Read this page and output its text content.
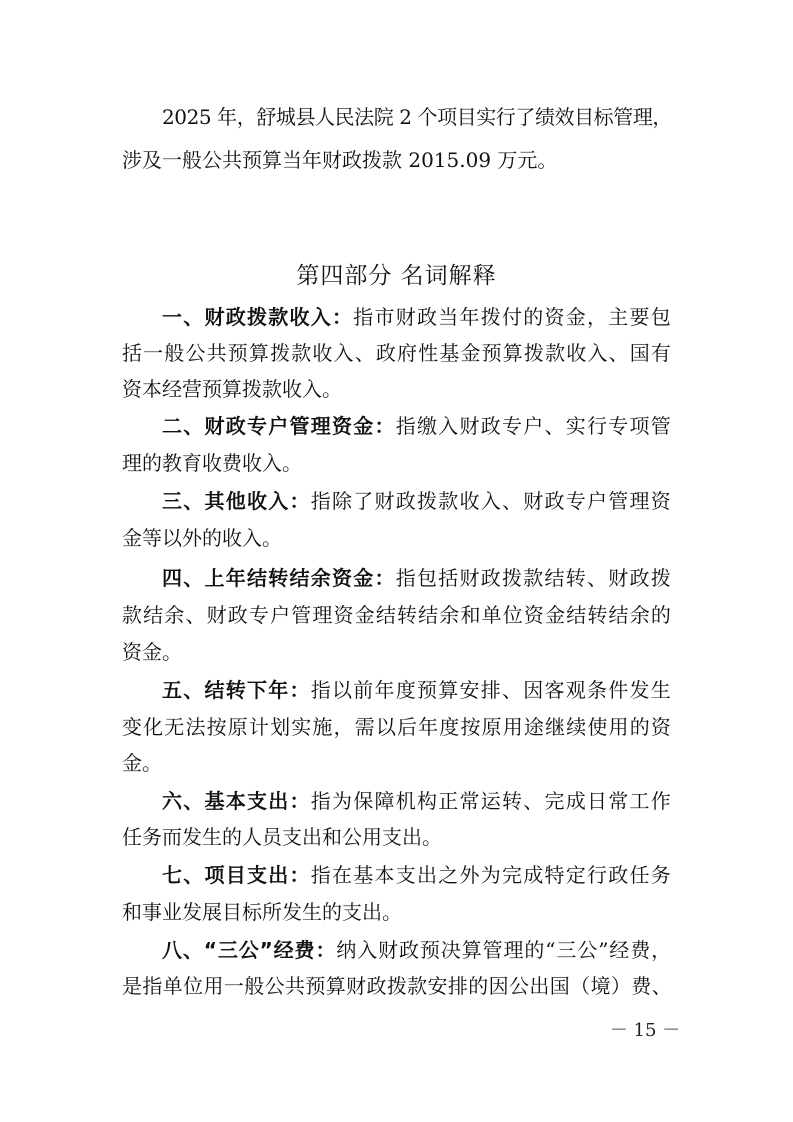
2025 年，舒城县人民法院 2 个项目实行了绩效目标管理，
涉及一般公共预算当年财政拨款 2015.09 万元。
第四部分 名词解释
一、财政拨款收入：指市财政当年拨付的资金，主要包
括一般公共预算拨款收入、政府性基金预算拨款收入、国有
资本经营预算拨款收入。
二、财政专户管理资金：指缴入财政专户、实行专项管
理的教育收费收入。
三、其他收入：指除了财政拨款收入、财政专户管理资
金等以外的收入。
四、上年结转结余资金：指包括财政拨款结转、财政拨
款结余、财政专户管理资金结转结余和单位资金结转结余的
资金。
五、结转下年：指以前年度预算安排、因客观条件发生
变化无法按原计划实施，需以后年度按原用途继续使用的资
金。
六、基本支出：指为保障机构正常运转、完成日常工作
任务而发生的人员支出和公用支出。
七、项目支出：指在基本支出之外为完成特定行政任务
和事业发展目标所发生的支出。
八、“三公”经费：纳入财政预决算管理的“三公”经费，
是指单位用一般公共预算财政拨款安排的因公出国（境）费、
－ 15 －
